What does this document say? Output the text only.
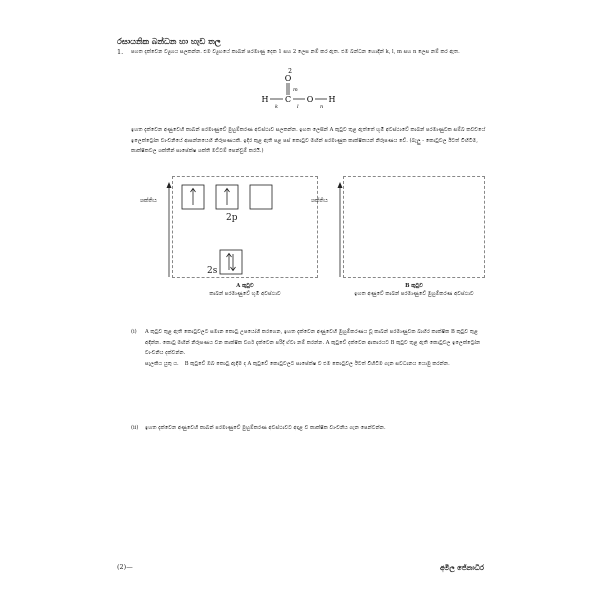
රසායනික බන්ධන හා හැඩ තල
1. පහත දැක්වෙන ව්‍යුහය සලකන්න. එම ව්‍යුහයේ කාබන් පරමාණු දෙක 1 සහ 2 ලෙස නම් කර ඇත. එම බන්ධන හොඳින් k, l, m සහ n ලෙස නම් කර ඇත.
2
O
m
H
k
C
l
O
n
H
ඉහත දැක්වෙන අණුවෙහි කාබන් පරමාණුවේ මුහුම්කරණ අවස්ථාව සලකන්න. ඉහත ලෙසින් A කුටුව තුළ ඇත්තේ භූමි අවස්ථාවේ කාබන් පරමාණුවක සම්බ කවචයේ ඉලෙක්ට්‍රෝන වාංචනියේ ආසන්නයෙහි නිරූපණයකි. ඉදිර කුළ ඇති පළ පස් කොටුව මඟින් පරමාණුක කාක්ෂිකයන් නිරූපණය වේ. (බැලු - කොටුවල ඊටත් විහිටීම, කාක්ෂිකවල ශක්තීන් සාපේක්ෂ ශක්ති මට්ටම් පෙන්වුම් කරයි.)
ශක්තිය
2p
2s
A කුටුව
කාබන් පරමාණුවේ භූමි අවස්ථාව
ශක්තිය
B කුටුව
ඉහත අණුවේ කාබන් පරමාණුවේ මුහුම්කරණ අවස්ථාව
(i) A කුටුව තුළ ඇති කොටුවලට සමාන කොටු උපයෝගී කරගෙන, ඉහත දැක්වෙන අණුවෙහි මුහුම්කරණය වූ කාබන් පරමාණුවක බාහිර කාක්ෂික B කුටුව තුළ අඳින්න. කොටු මඟින් නිරූපණය වන කාක්ෂික වර්ග දැක්වෙන පරිදි ඒවා නම් කරන්න. A කුටුවේ දක්වෙන ආකාරයට B කුටුව තුළ ඇති කොටුවල ඉලෙක්ට්‍රෝන වාංචනිය දක්වන්න.
සැලකිය යුතු ය. B කුටුවේ ඔබ කොටු ඇඳීම ද A කුටුවේ කොටුවලට සාපේක්ෂ ව එම කොටුවල ඊටත් විහිටීම ගැන සවධානය යොමු කරන්න.
(ii) ඉහත දැක්වෙන අණුවෙහි කාබන් පරමාණුවේ මුහුම්කරණ අවස්ථාවට අදාළ ව කාක්ෂික වාංචනිය ගැන පෙන්වන්න.
(2)—	අමිල ජේනාධීර
